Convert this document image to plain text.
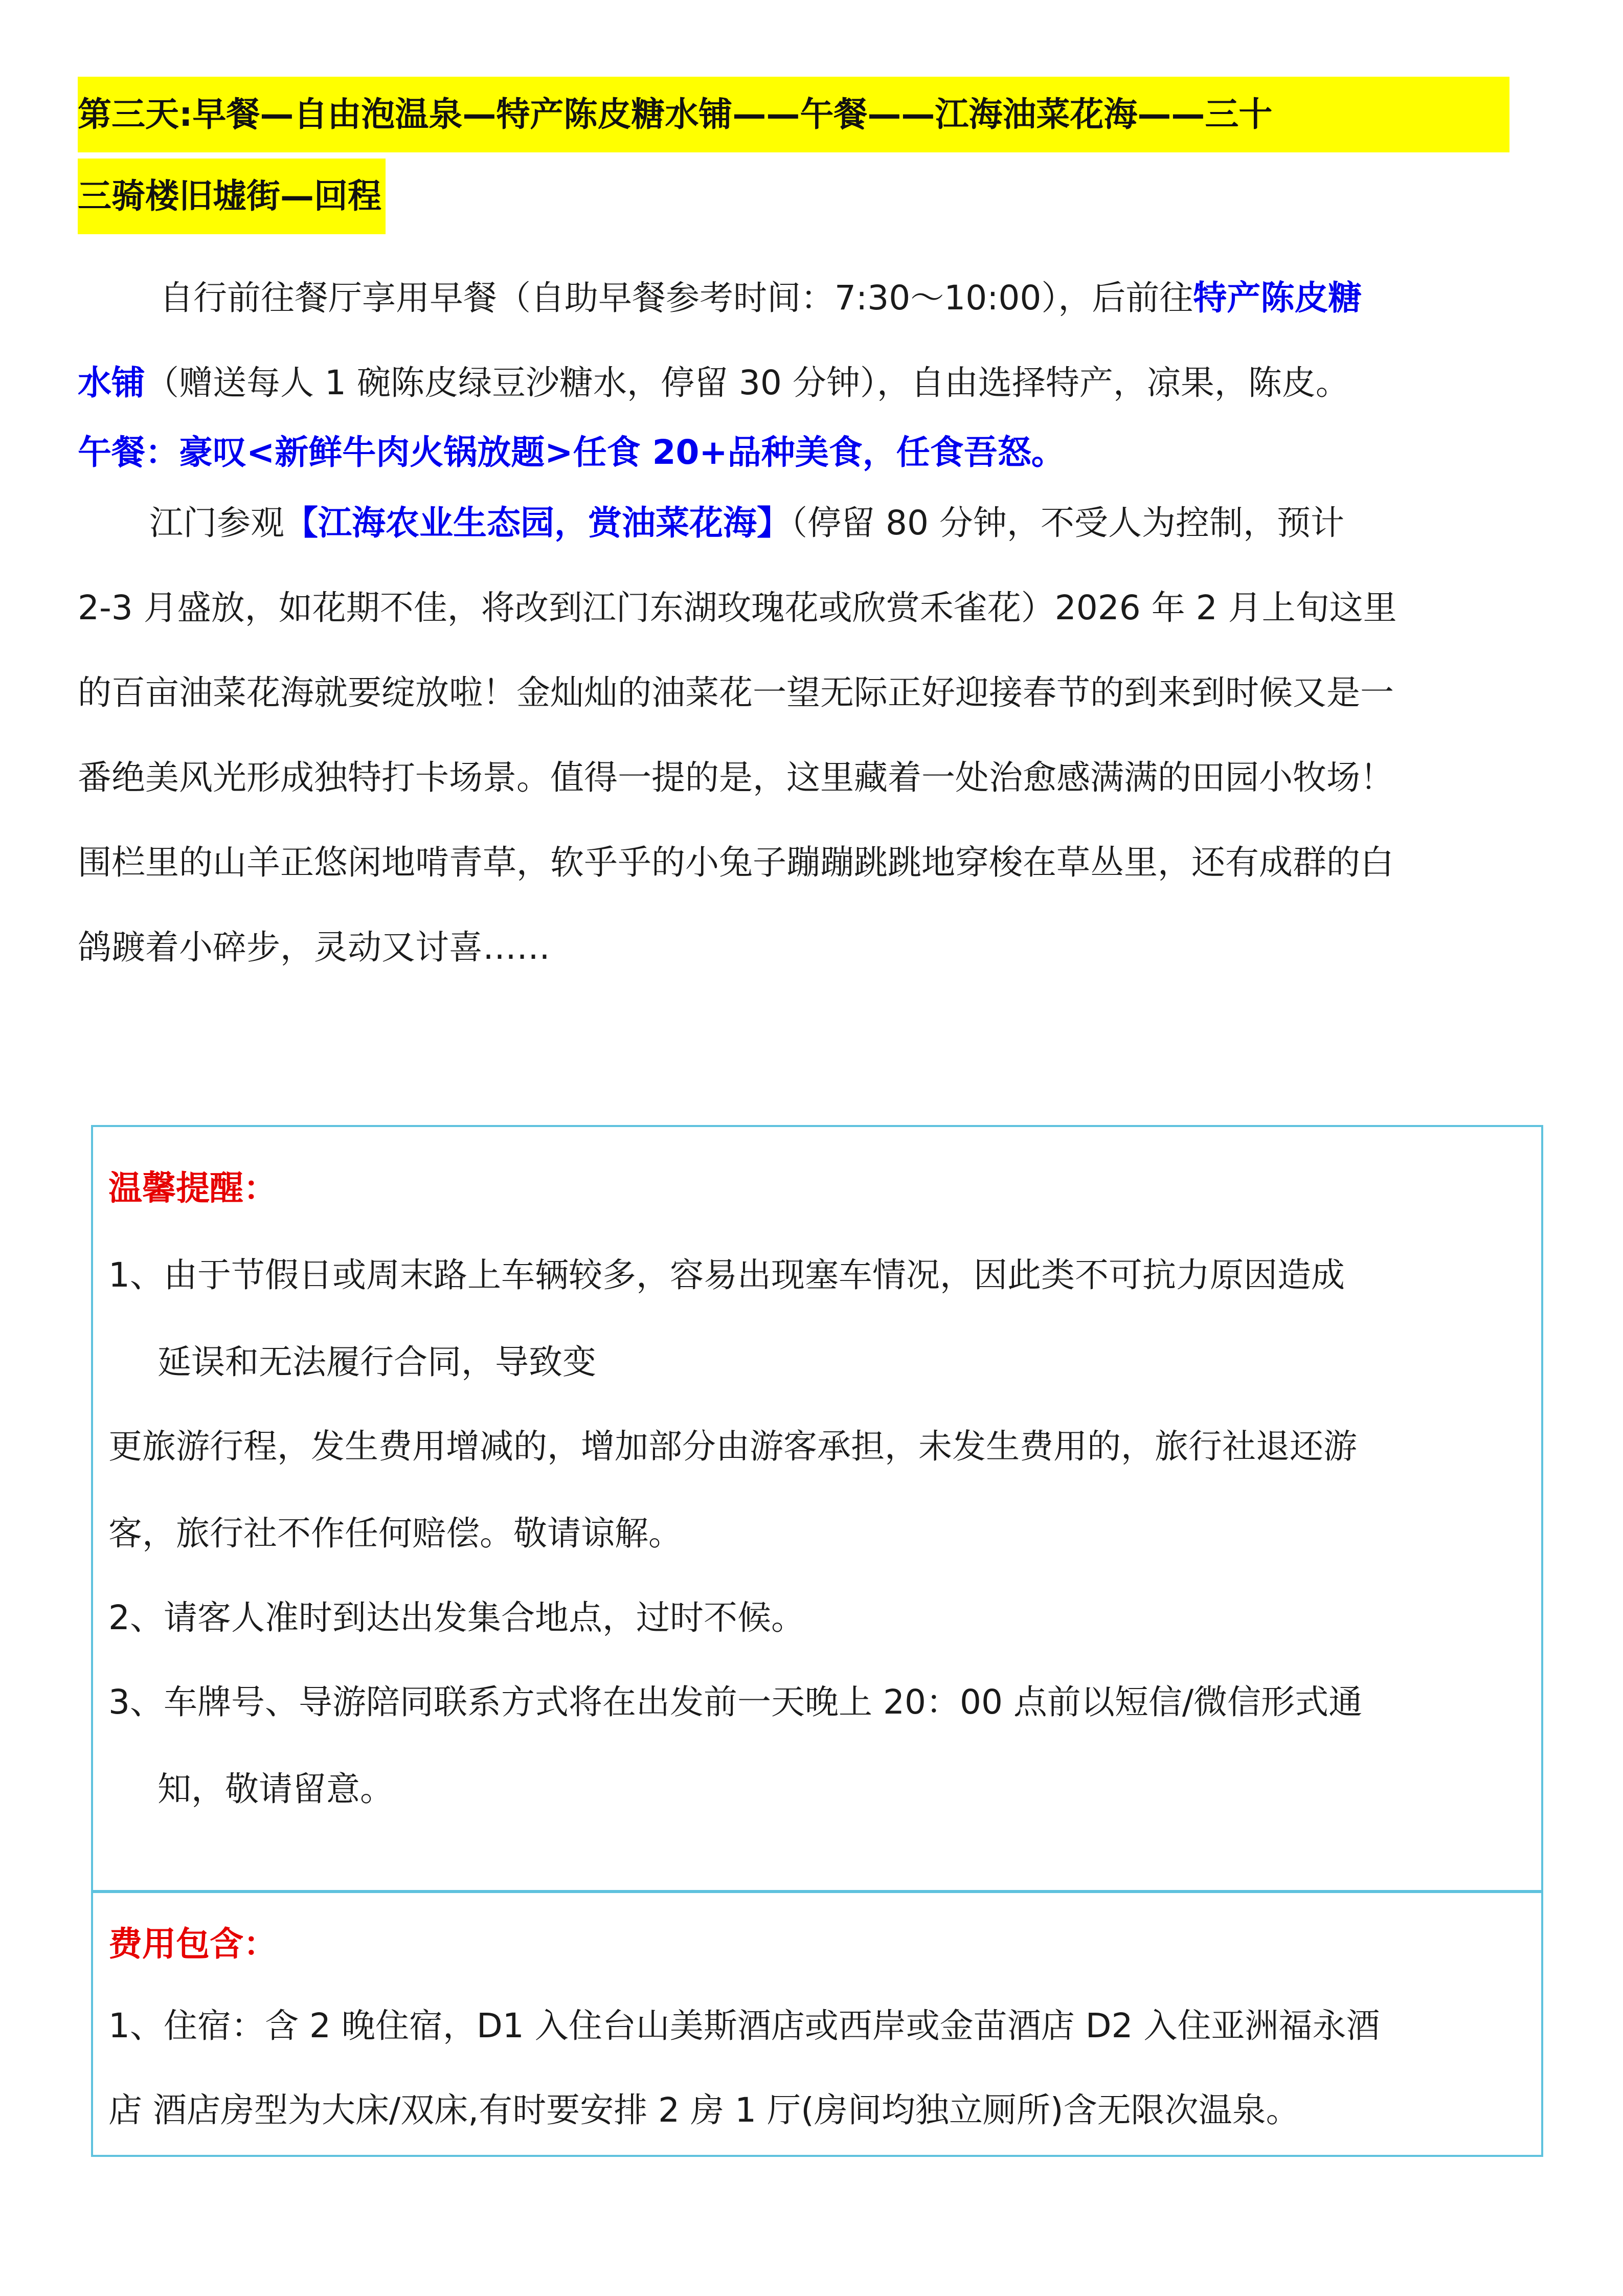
第三天:早餐—自由泡温泉—特产陈皮糖水铺——午餐——江海油菜花海——三十
三骑楼旧墟街—回程

自行前往餐厅享用早餐（自助早餐参考时间：7:30～10:00），后前往特产陈皮糖
水铺（赠送每人 1 碗陈皮绿豆沙糖水，停留 30 分钟），自由选择特产，凉果，陈皮。

午餐：豪叹<新鲜牛肉火锅放题>任食 20+品种美食，任食吾怒。

江门参观【江海农业生态园，赏油菜花海】（停留 80 分钟，不受人为控制，预计
2-3 月盛放，如花期不佳，将改到江门东湖玫瑰花或欣赏禾雀花）2026 年 2 月上旬这里
的百亩油菜花海就要绽放啦！金灿灿的油菜花一望无际正好迎接春节的到来到时候又是一
番绝美风光形成独特打卡场景。值得一提的是，这里藏着一处治愈感满满的田园小牧场！
围栏里的山羊正悠闲地啃青草，软乎乎的小兔子蹦蹦跳跳地穿梭在草丛里，还有成群的白
鸽踱着小碎步，灵动又讨喜……

温馨提醒：
1、由于节假日或周末路上车辆较多，容易出现塞车情况，因此类不可抗力原因造成
延误和无法履行合同，导致变
更旅游行程，发生费用增减的，增加部分由游客承担，未发生费用的，旅行社退还游
客，旅行社不作任何赔偿。敬请谅解。
2、请客人准时到达出发集合地点，过时不候。
3、车牌号、导游陪同联系方式将在出发前一天晚上 20：00 点前以短信/微信形式通
知，敬请留意。
费用包含：
1、住宿：含 2 晚住宿，D1 入住台山美斯酒店或西岸或金苗酒店 D2 入住亚洲福永酒
店 酒店房型为大床/双床,有时要安排 2 房 1 厅(房间均独立厕所)含无限次温泉。
